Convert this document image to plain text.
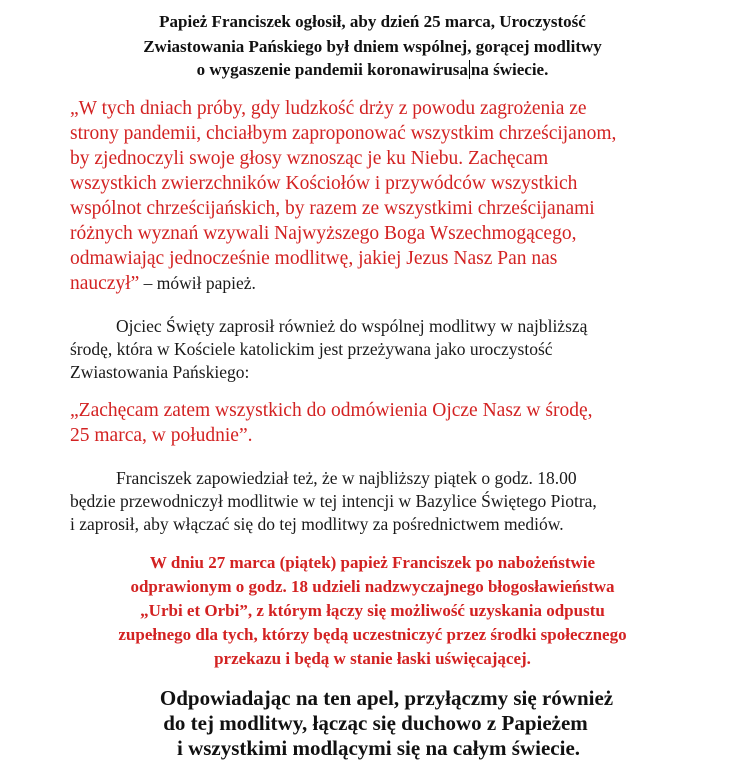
Papież Franciszek ogłosił, aby dzień 25 marca, Uroczystość
Zwiastowania Pańskiego był dniem wspólnej, gorącej modlitwy
o wygaszenie pandemii koronawirusa na świecie.
„W tych dniach próby, gdy ludzkość drży z powodu zagrożenia ze
strony pandemii, chciałbym zaproponować wszystkim chrześcijanom,
by zjednoczyli swoje głosy wznosząc je ku Niebu. Zachęcam
wszystkich zwierzchników Kościołów i przywódców wszystkich
wspólnot chrześcijańskich, by razem ze wszystkimi chrześcijanami
różnych wyznań wzywali Najwyższego Boga Wszechmogącego,
odmawiając jednocześnie modlitwę, jakiej Jezus Nasz Pan nas
nauczył” – mówił papież.
Ojciec Święty zaprosił również do wspólnej modlitwy w najbliższą
środę, która w Kościele katolickim jest przeżywana jako uroczystość
Zwiastowania Pańskiego:
„Zachęcam zatem wszystkich do odmówienia Ojcze Nasz w środę,
25 marca, w południe”.
Franciszek zapowiedział też, że w najbliższy piątek o godz. 18.00
będzie przewodniczył modlitwie w tej intencji w Bazylice Świętego Piotra,
i zaprosił, aby włączać się do tej modlitwy za pośrednictwem mediów.
W dniu 27 marca (piątek) papież Franciszek po nabożeństwie
odprawionym o godz. 18 udzieli nadzwyczajnego błogosławieństwa
„Urbi et Orbi”, z którym łączy się możliwość uzyskania odpustu
zupełnego dla tych, którzy będą uczestniczyć przez środki społecznego
przekazu i będą w stanie łaski uświęcającej.
Odpowiadając na ten apel, przyłączmy się również
do tej modlitwy, łącząc się duchowo z Papieżem
i wszystkimi modlącymi się na całym świecie.
